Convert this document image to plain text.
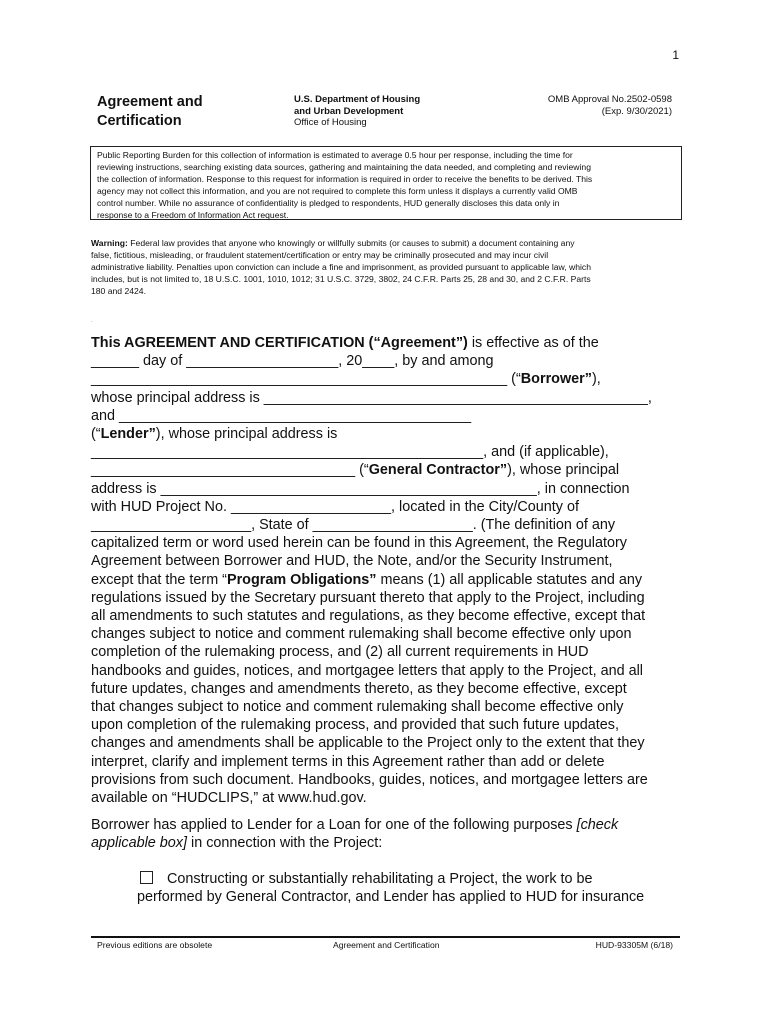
1
Agreement and
Certification
U.S. Department of Housing
and Urban Development
Office of Housing
OMB Approval No.2502-0598
(Exp. 9/30/2021)
Public Reporting Burden for this collection of information is estimated to average 0.5 hour per response, including the time for
reviewing instructions, searching existing data sources, gathering and maintaining the data needed, and completing and reviewing
the collection of information. Response to this request for information is required in order to receive the benefits to be derived. This
agency may not collect this information, and you are not required to complete this form unless it displays a currently valid OMB
control number. While no assurance of confidentiality is pledged to respondents, HUD generally discloses this data only in
response to a Freedom of Information Act request.
Warning: Federal law provides that anyone who knowingly or willfully submits (or causes to submit) a document containing any
false, fictitious, misleading, or fraudulent statement/certification or entry may be criminally prosecuted and may incur civil
administrative liability. Penalties upon conviction can include a fine and imprisonment, as provided pursuant to applicable law, which
includes, but is not limited to, 18 U.S.C. 1001, 1010, 1012; 31 U.S.C. 3729, 3802, 24 C.F.R. Parts 25, 28 and 30, and 2 C.F.R. Parts
180 and 2424.
.
This AGREEMENT AND CERTIFICATION (“Agreement”) is effective as of the
______ day of ___________________, 20____, by and among
____________________________________________________ (“Borrower”),
whose principal address is ________________________________________________,
and ____________________________________________
(“Lender”), whose principal address is
_________________________________________________, and (if applicable),
_________________________________ (“General Contractor”), whose principal
address is _______________________________________________, in connection
with HUD Project No. ____________________, located in the City/County of
____________________, State of ____________________. (The definition of any
capitalized term or word used herein can be found in this Agreement, the Regulatory
Agreement between Borrower and HUD, the Note, and/or the Security Instrument,
except that the term “Program Obligations” means (1) all applicable statutes and any
regulations issued by the Secretary pursuant thereto that apply to the Project, including
all amendments to such statutes and regulations, as they become effective, except that
changes subject to notice and comment rulemaking shall become effective only upon
completion of the rulemaking process, and (2) all current requirements in HUD
handbooks and guides, notices, and mortgagee letters that apply to the Project, and all
future updates, changes and amendments thereto, as they become effective, except
that changes subject to notice and comment rulemaking shall become effective only
upon completion of the rulemaking process, and provided that such future updates,
changes and amendments shall be applicable to the Project only to the extent that they
interpret, clarify and implement terms in this Agreement rather than add or delete
provisions from such document. Handbooks, guides, notices, and mortgagee letters are
available on “HUDCLIPS,” at www.hud.gov.
Borrower has applied to Lender for a Loan for one of the following purposes [check
applicable box] in connection with the Project:
Constructing or substantially rehabilitating a Project, the work to be
performed by General Contractor, and Lender has applied to HUD for insurance
Previous editions are obsolete	Agreement and Certification	HUD-93305M (6/18)
